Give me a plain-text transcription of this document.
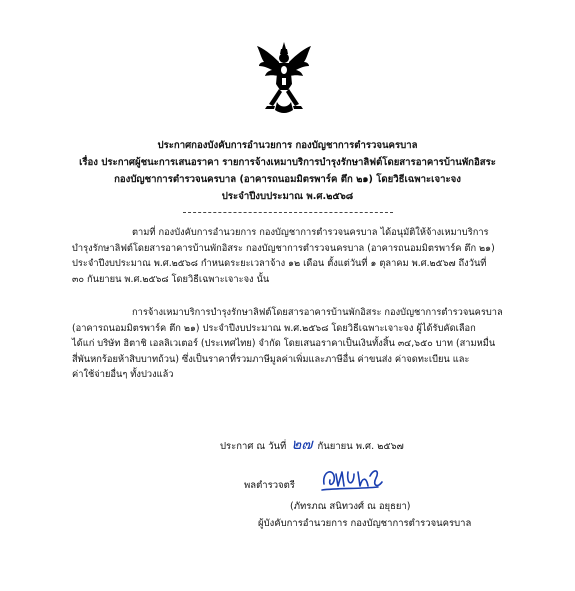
ประกาศกองบังคับการอำนวยการ กองบัญชาการตำรวจนครบาล
เรื่อง ประกาศผู้ชนะการเสนอราคา รายการจ้างเหมาบริการบำรุงรักษาลิฟต์โดยสารอาคารบ้านพักอิสระ
กองบัญชาการตำรวจนครบาล (อาคารถนอมมิตรพาร์ค ตึก ๒๑) โดยวิธีเฉพาะเจาะจง
ประจำปีงบประมาณ พ.ศ.๒๕๖๘
ตามที่ กองบังคับการอำนวยการ กองบัญชาการตำรวจนครบาล ได้อนุมัติให้จ้างเหมาบริการ
บำรุงรักษาลิฟต์โดยสารอาคารบ้านพักอิสระ กองบัญชาการตำรวจนครบาล (อาคารถนอมมิตรพาร์ค ตึก ๒๑)
ประจำปีงบประมาณ พ.ศ.๒๕๖๘ กำหนดระยะเวลาจ้าง ๑๒ เดือน ตั้งแต่วันที่ ๑ ตุลาคม พ.ศ.๒๕๖๗ ถึงวันที่
๓๐ กันยายน พ.ศ.๒๕๖๘ โดยวิธีเฉพาะเจาะจง นั้น
การจ้างเหมาบริการบำรุงรักษาลิฟต์โดยสารอาคารบ้านพักอิสระ กองบัญชาการตำรวจนครบาล
(อาคารถนอมมิตรพาร์ค ตึก ๒๑) ประจำปีงบประมาณ พ.ศ.๒๕๖๘ โดยวิธีเฉพาะเจาะจง ผู้ได้รับคัดเลือก
ได้แก่ บริษัท ฮิตาชิ เอลลิเวเตอร์ (ประเทศไทย) จำกัด โดยเสนอราคาเป็นเงินทั้งสิ้น ๓๔,๖๕๐ บาท (สามหมื่น
สี่พันหกร้อยห้าสิบบาทถ้วน) ซึ่งเป็นราคาที่รวมภาษีมูลค่าเพิ่มและภาษีอื่น ค่าขนส่ง ค่าจดทะเบียน และ
ค่าใช้จ่ายอื่นๆ ทั้งปวงแล้ว
ประกาศ ณ วันที่ ๒๗ กันยายน พ.ศ. ๒๕๖๗
พลตำรวจตรี
(ภัทรภณ สนิทวงศ์ ณ อยุธยา)
ผู้บังคับการอำนวยการ กองบัญชาการตำรวจนครบาล
